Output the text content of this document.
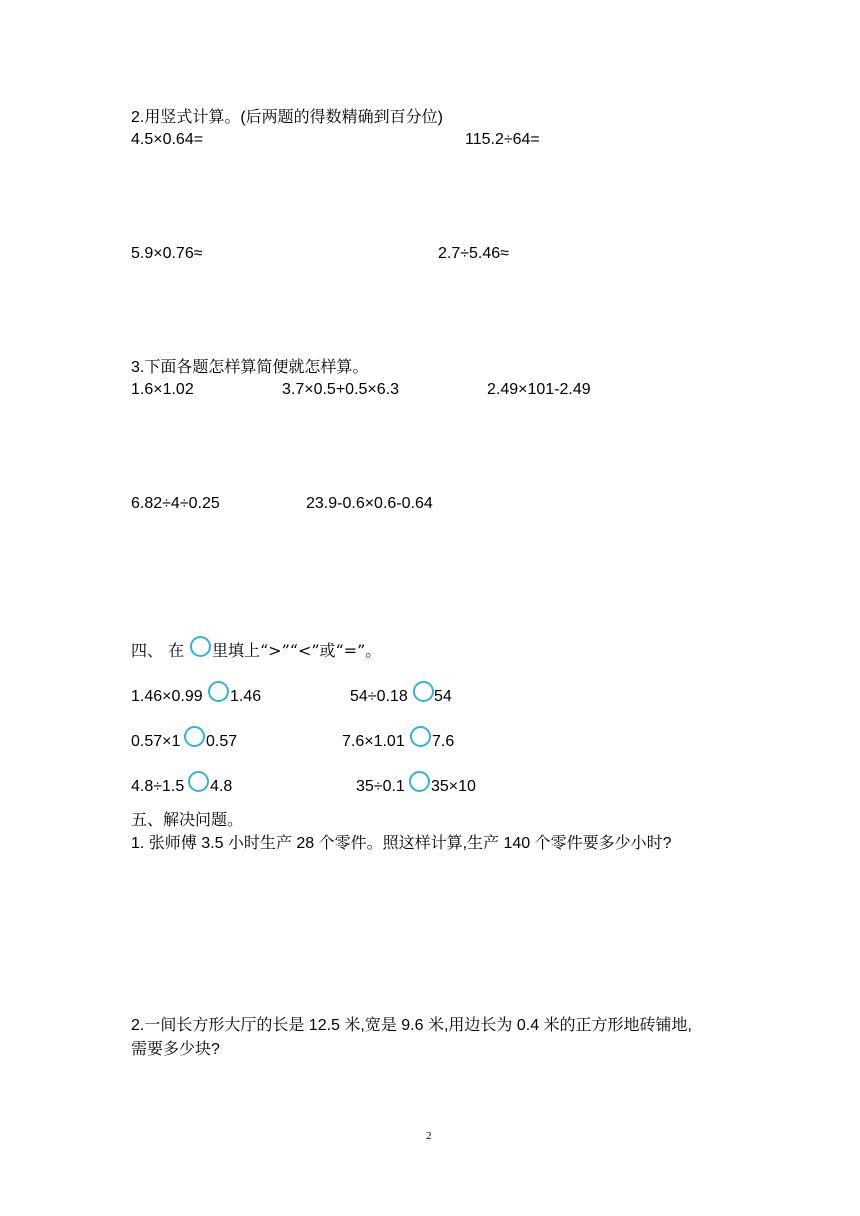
2.用竖式计算。(后两题的得数精确到百分位)
4.5×0.64=	115.2÷64=
5.9×0.76≈	2.7÷5.46≈
3.下面各题怎样算简便就怎样算。
1.6×1.02	3.7×0.5+0.5×6.3	2.49×101-2.49
6.82÷4÷0.25	23.9-0.6×0.6-0.64
四、 在 里填上“>”“<”或“=”。
1.46×0.99 1.46	54÷0.18 54
0.57×1 0.57	7.6×1.01 7.6
4.8÷1.5 4.8	35÷0.1 35×10
五、解决问题。
1. 张师傅 3.5 小时生产 28 个零件。照这样计算,生产 140 个零件要多少小时?
2.一间长方形大厅的长是 12.5 米,宽是 9.6 米,用边长为 0.4 米的正方形地砖铺地,
需要多少块?
2
